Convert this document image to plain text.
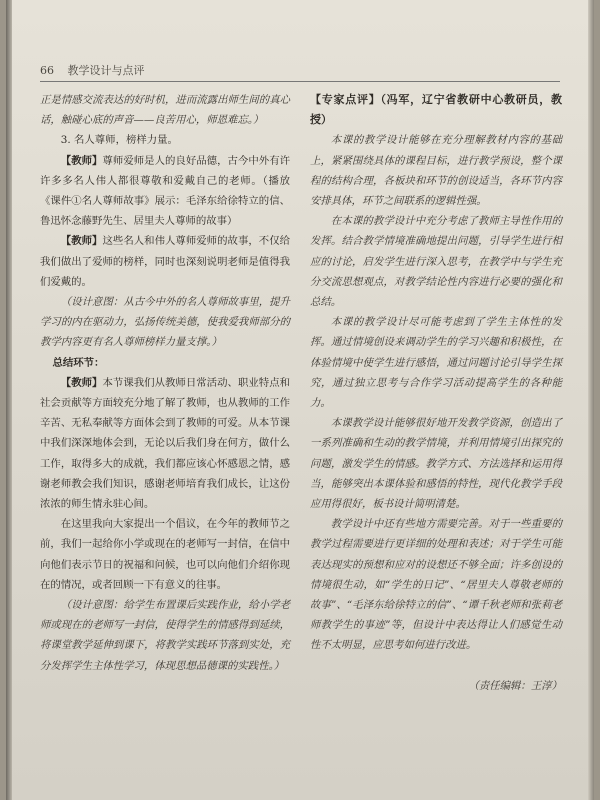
66 教学设计与点评

正是情感交流表达的好时机，进而流露出师生间的真心话，触碰心底的声音——良苦用心，师恩难忘。）

3. 名人尊师，榜样力量。

【教师】尊师爱师是人的良好品德，古今中外有许许多多名人伟人都很尊敬和爱戴自己的老师。（播放《课件①名人尊师故事》展示：毛泽东给徐特立的信、鲁迅怀念藤野先生、居里夫人尊师的故事）

【教师】这些名人和伟人尊师爱师的故事，不仅给我们做出了爱师的榜样，同时也深刻说明老师是值得我们爱戴的。

（设计意图：从古今中外的名人尊师故事里，提升学习的内在驱动力，弘扬传统美德，使我爱我师部分的教学内容更有名人尊师榜样力量支撑。）

总结环节：

【教师】本节课我们从教师日常活动、职业特点和社会贡献等方面较充分地了解了教师，也从教师的工作辛苦、无私奉献等方面体会到了教师的可爱。从本节课中我们深深地体会到，无论以后我们身在何方，做什么工作，取得多大的成就，我们都应该心怀感恩之情，感谢老师教会我们知识，感谢老师培育我们成长，让这份浓浓的师生情永驻心间。

在这里我向大家提出一个倡议，在今年的教师节之前，我们一起给你小学或现在的老师写一封信，在信中向他们表示节日的祝福和问候，也可以向他们介绍你现在的情况，或者回顾一下有意义的往事。

（设计意图：给学生布置课后实践作业，给小学老师或现在的老师写一封信，使得学生的情感得到延续，将课堂教学延伸到课下，将教学实践环节落到实处，充分发挥学生主体性学习，体现思想品德课的实践性。）

【专家点评】（冯军，辽宁省教研中心教研员，教授）

本课的教学设计能够在充分理解教材内容的基础上，紧紧围绕具体的课程目标，进行教学预设，整个课程的结构合理，各板块和环节的创设适当，各环节内容安排具体，环节之间联系的逻辑性强。

在本课的教学设计中充分考虑了教师主导性作用的发挥。结合教学情境准确地提出问题，引导学生进行相应的讨论，启发学生进行深入思考，在教学中与学生充分交流思想观点，对教学结论性内容进行必要的强化和总结。

本课的教学设计尽可能考虑到了学生主体性的发挥。通过情境创设来调动学生的学习兴趣和积极性，在体验情境中使学生进行感悟，通过问题讨论引导学生探究，通过独立思考与合作学习活动提高学生的各种能力。

本课教学设计能够很好地开发教学资源，创造出了一系列准确和生动的教学情境，并利用情境引出探究的问题，激发学生的情感。教学方式、方法选择和运用得当，能够突出本课体验和感悟的特性，现代化教学手段应用得很好，板书设计简明清楚。

教学设计中还有些地方需要完善。对于一些重要的教学过程需要进行更详细的处理和表述；对于学生可能表达现实的预想和应对的设想还不够全面；许多创设的情境很生动，如“学生的日记”、“居里夫人尊敬老师的故事”、“毛泽东给徐特立的信”、“谭千秋老师和张莉老师教学生的事迹”等，但设计中表达得让人们感觉生动性不太明显，应思考如何进行改进。

（责任编辑：王淳）
